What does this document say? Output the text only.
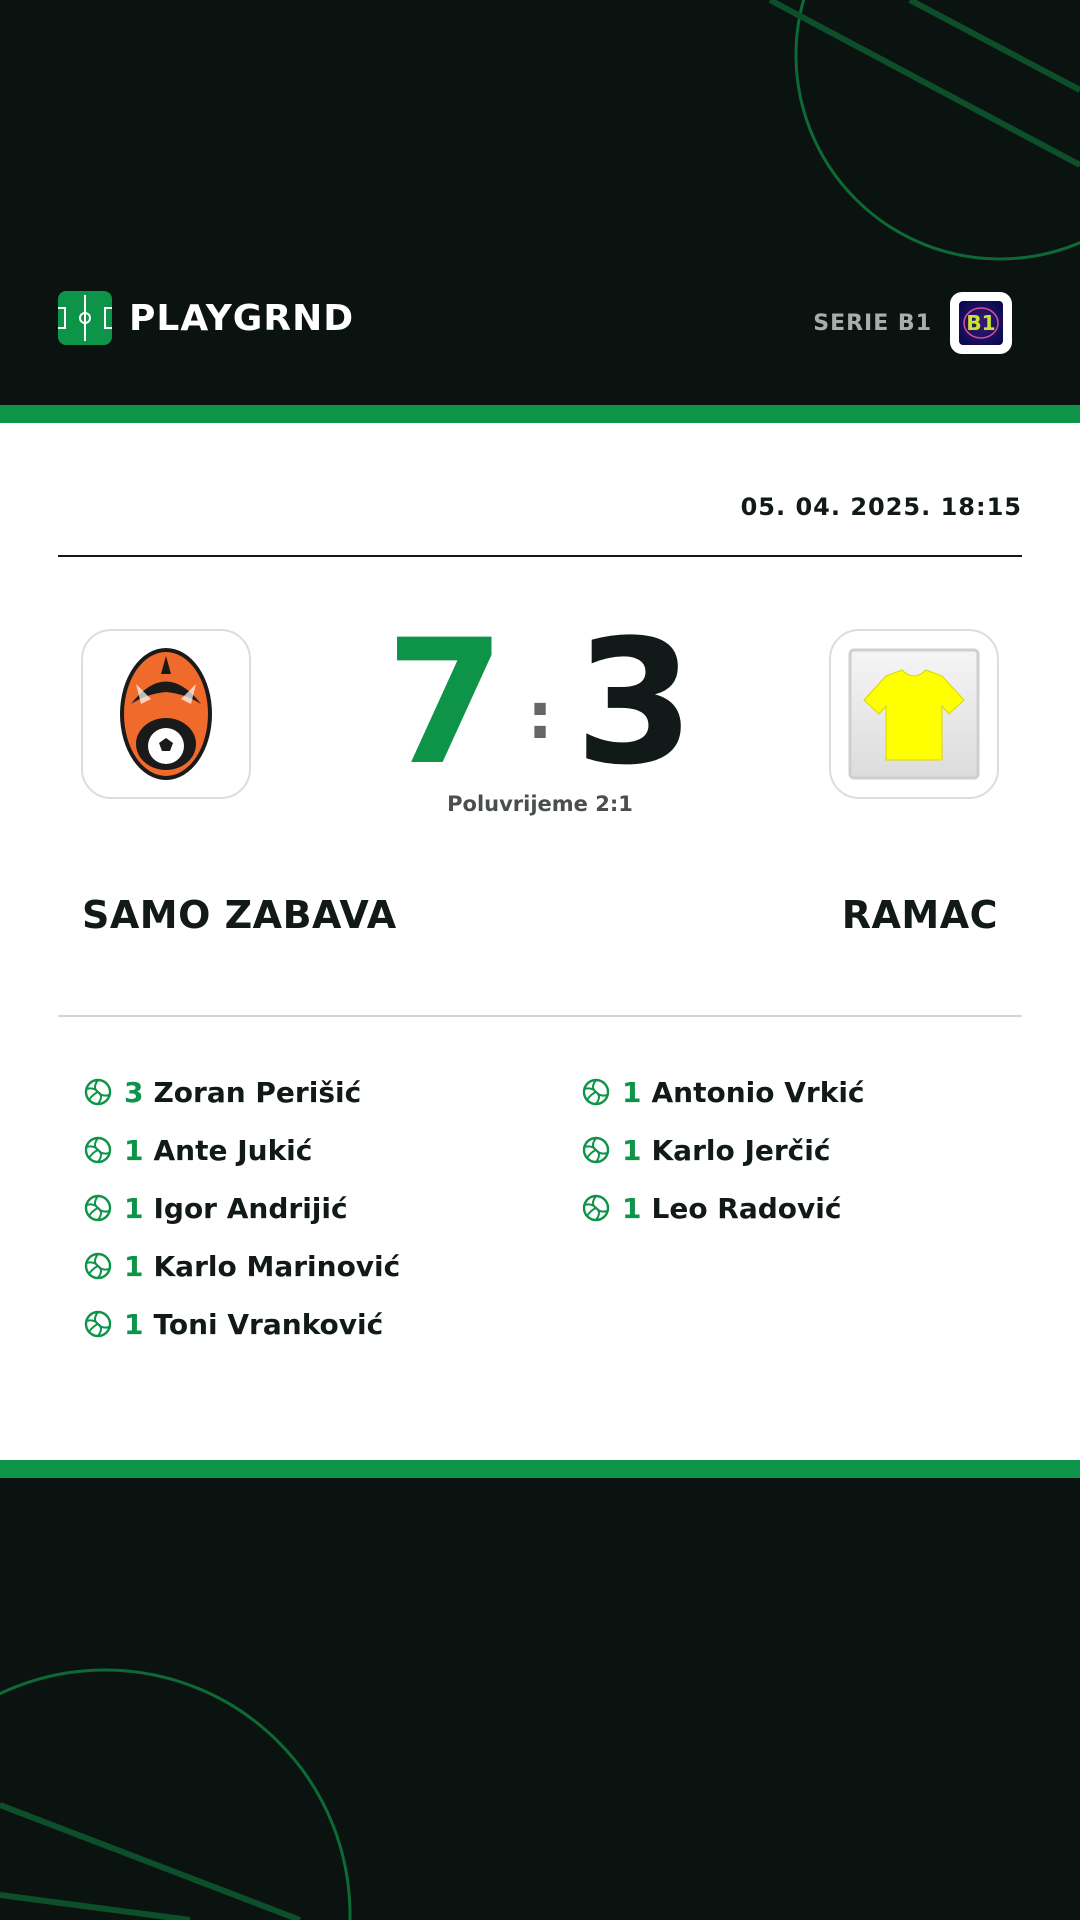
PLAYGRND	SERIE B1 B1
05. 04. 2025. 18:15
7 : 3
Poluvrijeme 2:1
SAMO ZABAVA	RAMAC
3 Zoran Perišić
1 Ante Jukić
1 Igor Andrijić
1 Karlo Marinović
1 Toni Vranković
1 Antonio Vrkić
1 Karlo Jerčić
1 Leo Radović
